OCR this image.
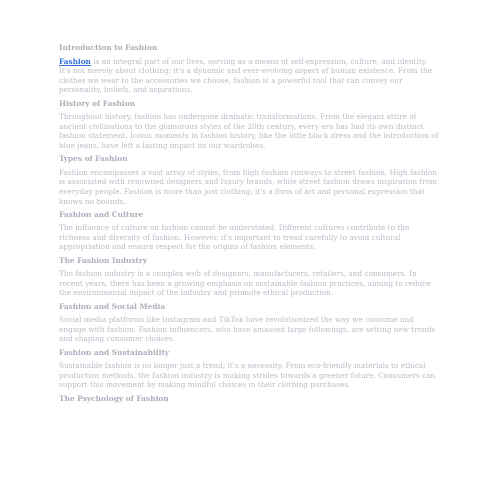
Introduction to Fashion
Fashion is an integral part of our lives, serving as a means of self-expression, culture, and identity. It's not merely about clothing; it's a dynamic and ever-evolving aspect of human existence. From the clothes we wear to the accessories we choose, fashion is a powerful tool that can convey our personality, beliefs, and aspirations.
History of Fashion
Throughout history, fashion has undergone dramatic transformations. From the elegant attire of ancient civilizations to the glamorous styles of the 20th century, every era has had its own distinct fashion statement. Iconic moments in fashion history, like the little black dress and the introduction of blue jeans, have left a lasting impact on our wardrobes.
Types of Fashion
Fashion encompasses a vast array of styles, from high fashion runways to street fashion. High fashion is associated with renowned designers and luxury brands, while street fashion draws inspiration from everyday people. Fashion is more than just clothing; it's a form of art and personal expression that knows no bounds.
Fashion and Culture
The influence of culture on fashion cannot be understated. Different cultures contribute to the richness and diversity of fashion. However, it's important to tread carefully to avoid cultural appropriation and ensure respect for the origins of fashion elements.
The Fashion Industry
The fashion industry is a complex web of designers, manufacturers, retailers, and consumers. In recent years, there has been a growing emphasis on sustainable fashion practices, aiming to reduce the environmental impact of the industry and promote ethical production.
Fashion and Social Media
Social media platforms like Instagram and TikTok have revolutionized the way we consume and engage with fashion. Fashion influencers, who have amassed large followings, are setting new trends and shaping consumer choices.
Fashion and Sustainability
Sustainable fashion is no longer just a trend; it's a necessity. From eco-friendly materials to ethical production methods, the fashion industry is making strides towards a greener future. Consumers can support this movement by making mindful choices in their clothing purchases.
The Psychology of Fashion
